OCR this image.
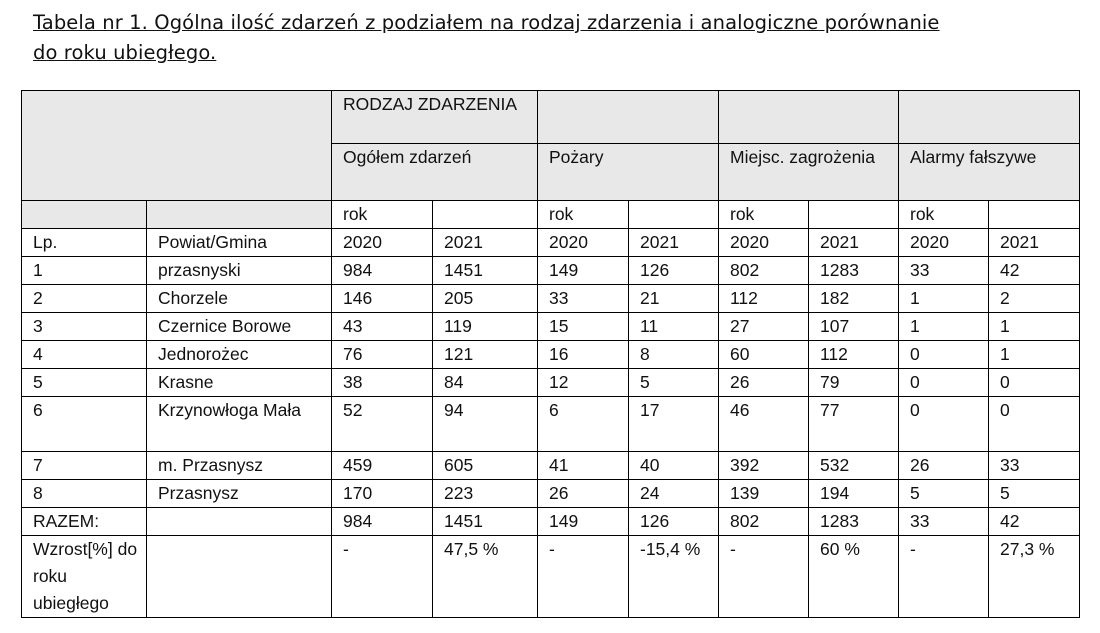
Tabela nr 1. Ogólna ilość zdarzeń z podziałem na rodzaj zdarzenia i analogiczne porównanie
do roku ubiegłego.
		RODZAJ ZDARZENIA							
		Ogółem zdarzeń		Pożary		Miejsc. zagrożenia		Alarmy fałszywe	
		rok		rok		rok		rok	
Lp.	Powiat/Gmina	2020	2021	2020	2021	2020	2021	2020	2021
1	przasnyski	984	1451	149	126	802	1283	33	42
2	Chorzele	146	205	33	21	112	182	1	2
3	Czernice Borowe	43	119	15	11	27	107	1	1
4	Jednorożec	76	121	16	8	60	112	0	1
5	Krasne	38	84	12	5	26	79	0	0
6	Krzynowłoga Mała	52	94	6	17	46	77	0	0
7	m. Przasnysz	459	605	41	40	392	532	26	33
8	Przasnysz	170	223	26	24	139	194	5	5
RAZEM:		984	1451	149	126	802	1283	33	42
Wzrost[%] do roku ubiegłego		-	47,5 %	-	-15,4 %	-	60 %	-	27,3 %
